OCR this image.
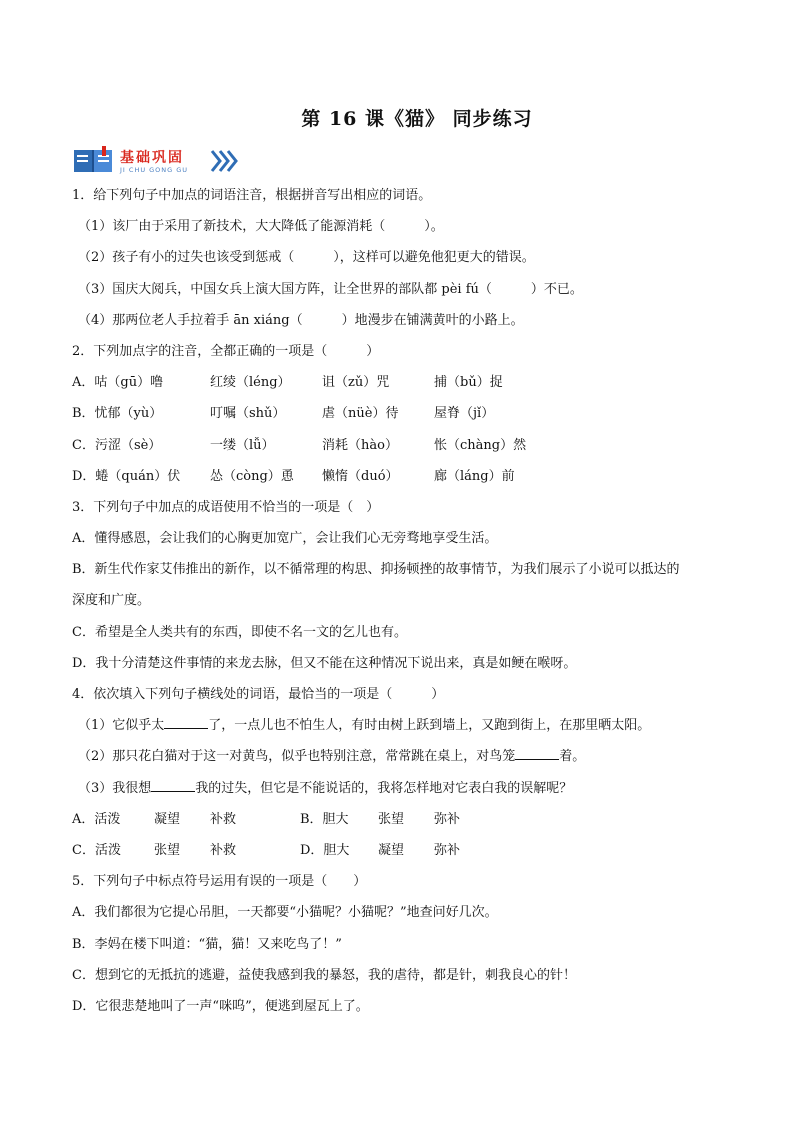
第 16 课《猫》 同步练习
基础巩固
JI CHU GONG GU
1．给下列句子中加点的词语注音，根据拼音写出相应的词语。
（1）该厂由于采用了新技术，大大降低了能源消耗（　　　）。
（2）孩子有小的过失也该受到惩戒（　　　），这样可以避免他犯更大的错误。
（3）国庆大阅兵，中国女兵上演大国方阵，让全世界的部队都 pèi fú（　　　）不已。
（4）那两位老人手拉着手 ān xiáng（　　　）地漫步在铺满黄叶的小路上。
2．下列加点字的注音，全都正确的一项是（　　　）
A．咕（gū）噜	红绫（léng）	诅（zǔ）咒	捕（bǔ）捉
B．忧郁（yù）	叮嘱（shǔ）	虐（nüè）待	屋脊（jǐ）
C．污涩（sè）	一缕（lǚ）	消耗（hào）	怅（chàng）然
D．蜷（quán）伏	怂（còng）恿	懒惰（duó）	廊（láng）前
3．下列句子中加点的成语使用不恰当的一项是（　）
A．懂得感恩，会让我们的心胸更加宽广，会让我们心无旁骛地享受生活。
B．新生代作家艾伟推出的新作，以不循常理的构思、抑扬顿挫的故事情节，为我们展示了小说可以抵达的
深度和广度。
C．希望是全人类共有的东西，即使不名一文的乞儿也有。
D．我十分清楚这件事情的来龙去脉，但又不能在这种情况下说出来，真是如鲠在喉呀。
4．依次填入下列句子横线处的词语，最恰当的一项是（　　　）
（1）它似乎太	了，一点儿也不怕生人，有时由树上跃到墙上，又跑到街上，在那里晒太阳。
（2）那只花白猫对于这一对黄鸟，似乎也特别注意，常常跳在桌上，对鸟笼	着。
（3）我很想	我的过失，但它是不能说话的，我将怎样地对它表白我的误解呢？
A．活泼	凝望	补救	B．胆大	张望	弥补
C．活泼	张望	补救	D．胆大	凝望	弥补
5．下列句子中标点符号运用有误的一项是（　　）
A．我们都很为它提心吊胆，一天都要“小猫呢？小猫呢？”地查问好几次。
B．李妈在楼下叫道：“猫，猫！又来吃鸟了！”
C．想到它的无抵抗的逃避，益使我感到我的暴怒，我的虐待，都是针，刺我良心的针！
D．它很悲楚地叫了一声“咪呜”，便逃到屋瓦上了。
